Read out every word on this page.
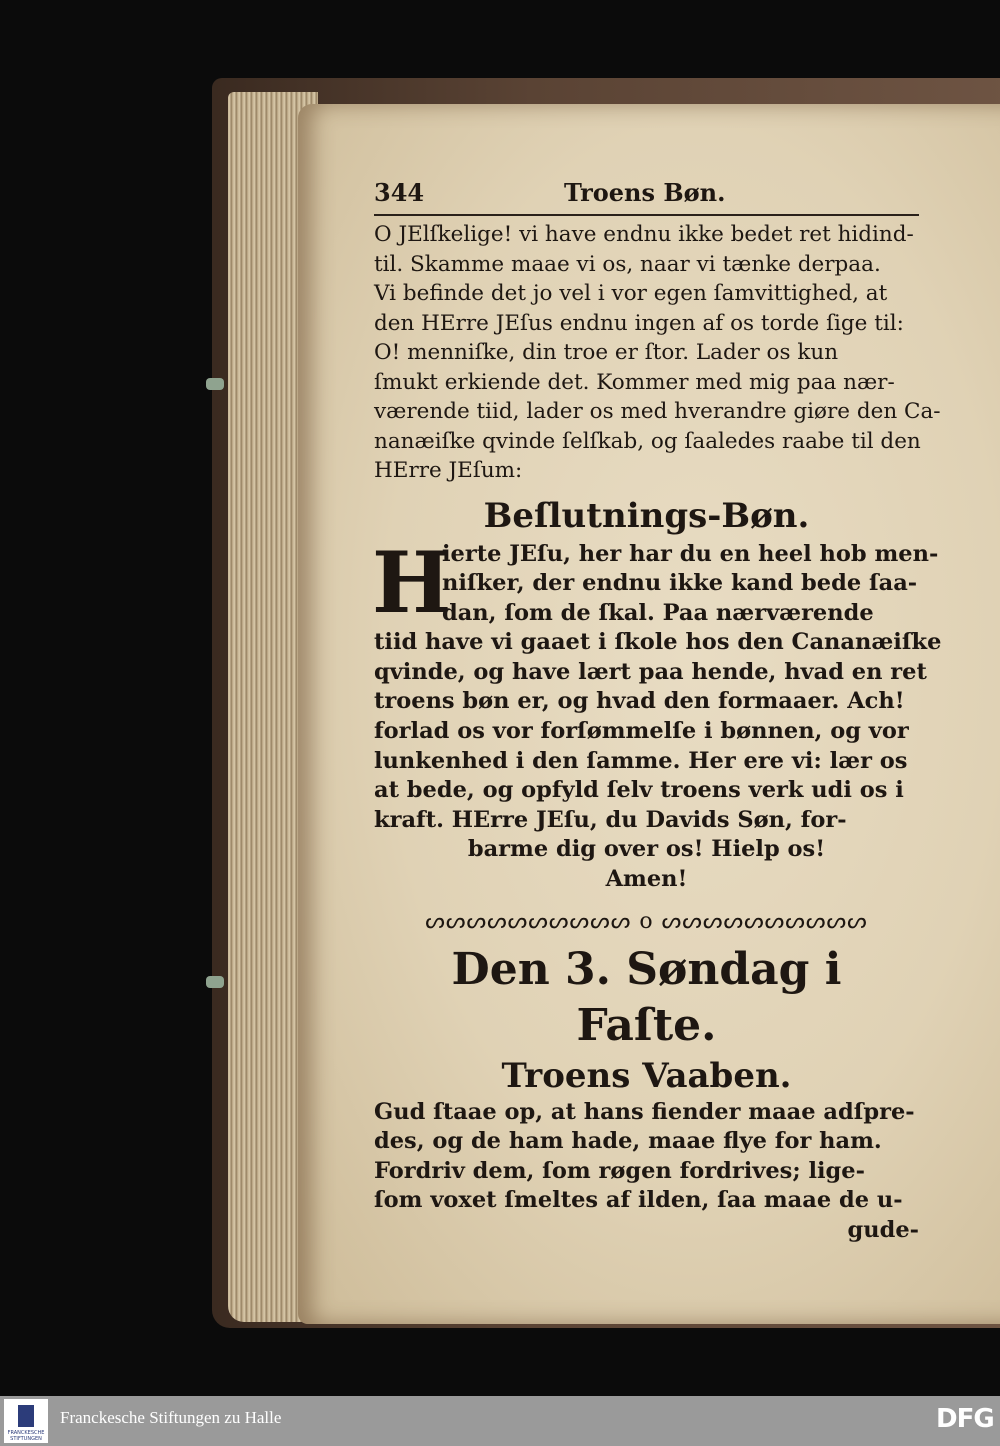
344	Troens Bøn.
O JElſkelige! vi have endnu ikke bedet ret hidind-
til. Skamme maae vi os, naar vi tænke derpaa.
Vi befinde det jo vel i vor egen ſamvittighed, at
den HErre JEſus endnu ingen af os torde ſige til:
O! menniſke, din troe er ſtor. Lader os kun
ſmukt erkiende det. Kommer med mig paa nær-
værende tiid, lader os med hverandre giøre den Ca-
nanæiſke qvinde ſelſkab, og ſaaledes raabe til den
HErre JEſum:
Beſlutnings-Bøn.
H
ierte JEſu, her har du en heel hob men-
niſker, der endnu ikke kand bede ſaa-
dan, ſom de ſkal. Paa nærværende
tiid have vi gaaet i ſkole hos den Cananæiſke
qvinde, og have lært paa hende, hvad en ret
troens bøn er, og hvad den formaaer. Ach!
forlad os vor forſømmelſe i bønnen, og vor
lunkenhed i den ſamme. Her ere vi: lær os
at bede, og opfyld ſelv troens verk udi os i
kraft. HErre JEſu, du Davids Søn, for-
barme dig over os! Hielp os!
Amen!
ᔕᔕᔕᔕᔕᔕᔕᔕᔕᔕ o ᔕᔕᔕᔕᔕᔕᔕᔕᔕᔕ
Den 3. Søndag i Faſte.
Troens Vaaben.
Gud ſtaae op, at hans fiender maae adſpre-
des, og de ham hade, maae flye for ham.
Fordriv dem, ſom røgen fordrives; lige-
ſom voxet ſmeltes af ilden, ſaa maae de u-
gude-
FRANCKESCHE STIFTUNGEN
Franckesche Stiftungen zu Halle	DFG
